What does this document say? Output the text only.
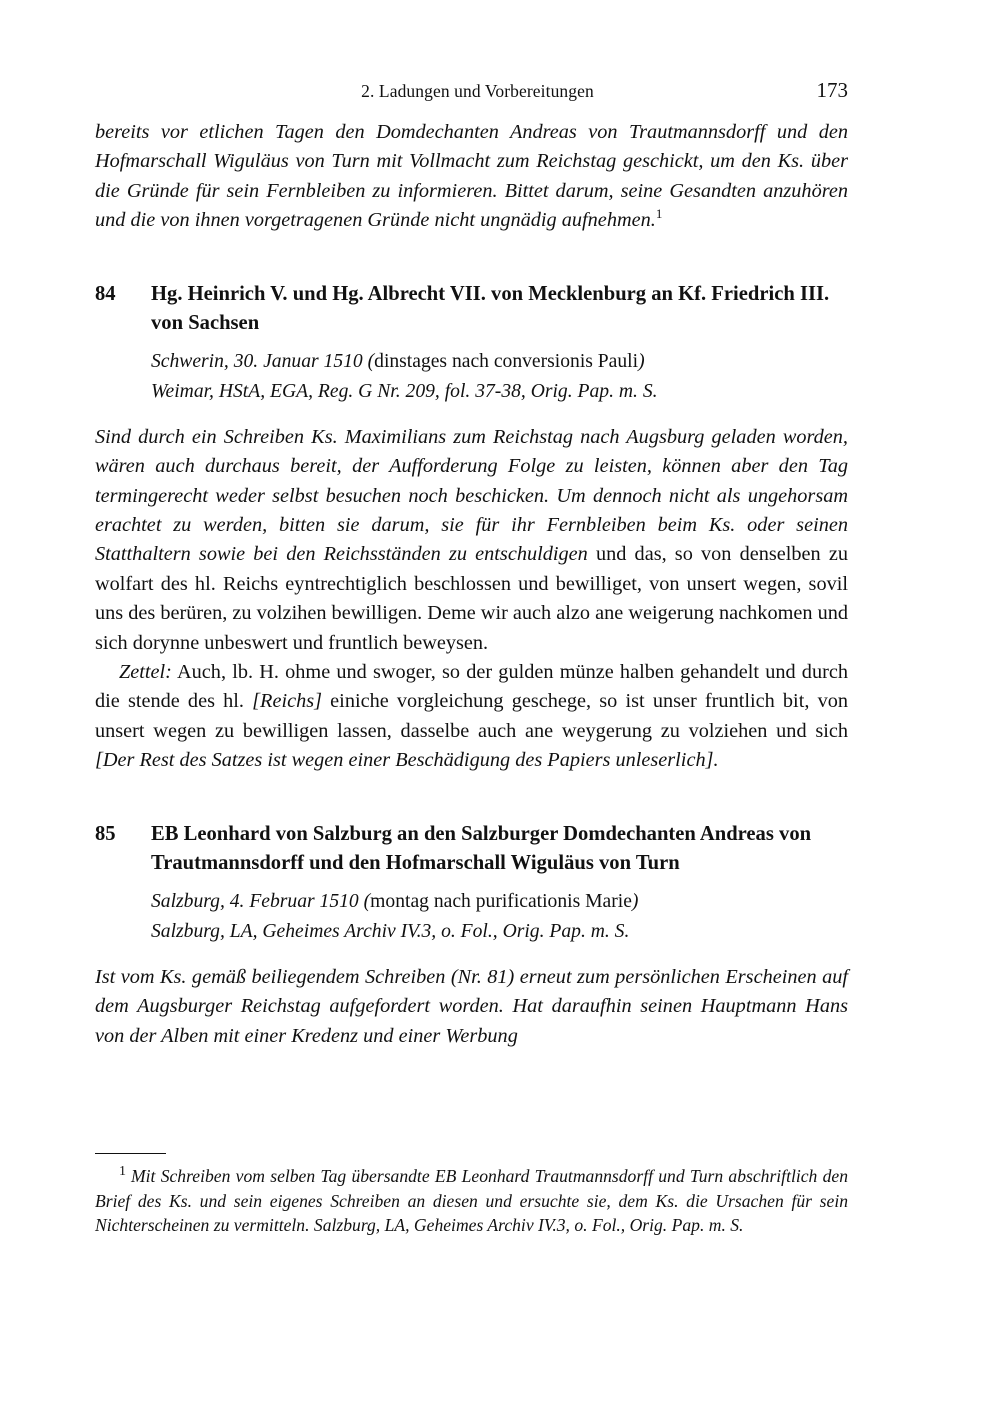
2. Ladungen und Vorbereitungen	173

bereits vor etlichen Tagen den Domdechanten Andreas von Trautmannsdorff und den Hofmarschall Wiguläus von Turn mit Vollmacht zum Reichstag geschickt, um den Ks. über die Gründe für sein Fernbleiben zu informieren. Bittet darum, seine Gesandten anzuhören und die von ihnen vorgetragenen Gründe nicht ungnädig aufnehmen.$^1$

84	Hg. Heinrich V. und Hg. Albrecht VII. von Mecklenburg an Kf. Friedrich III. von Sachsen
Schwerin, 30. Januar 1510 (dinstages nach conversionis Pauli)
Weimar, HStA, EGA, Reg. G Nr. 209, fol. 37-38, Orig. Pap. m. S.

Sind durch ein Schreiben Ks. Maximilians zum Reichstag nach Augsburg geladen worden, wären auch durchaus bereit, der Aufforderung Folge zu leisten, können aber den Tag termingerecht weder selbst besuchen noch beschicken. Um dennoch nicht als ungehorsam erachtet zu werden, bitten sie darum, sie für ihr Fernbleiben beim Ks. oder seinen Statthaltern sowie bei den Reichsständen zu entschuldigen und das, so von denselben zu wolfart des hl. Reichs eyntrechtiglich beschlossen und bewilliget, von unsert wegen, sovil uns des berüren, zu volzihen bewilligen. Deme wir auch alzo ane weigerung nachkomen und sich dorynne unbeswert und fruntlich beweysen.

Zettel: Auch, lb. H. ohme und swoger, so der gulden münze halben gehandelt und durch die stende des hl. [Reichs] einiche vorgleichung geschege, so ist unser fruntlich bit, von unsert wegen zu bewilligen lassen, dasselbe auch ane weygerung zu volziehen und sich [Der Rest des Satzes ist wegen einer Beschädigung des Papiers unleserlich].

85	EB Leonhard von Salzburg an den Salzburger Domdechanten Andreas von Trautmannsdorff und den Hofmarschall Wiguläus von Turn
Salzburg, 4. Februar 1510 (montag nach purificationis Marie)
Salzburg, LA, Geheimes Archiv IV.3, o. Fol., Orig. Pap. m. S.

Ist vom Ks. gemäß beiliegendem Schreiben (Nr. 81) erneut zum persönlichen Erscheinen auf dem Augsburger Reichstag aufgefordert worden. Hat daraufhin seinen Hauptmann Hans von der Alben mit einer Kredenz und einer Werbung

$^1$ Mit Schreiben vom selben Tag übersandte EB Leonhard Trautmannsdorff und Turn abschriftlich den Brief des Ks. und sein eigenes Schreiben an diesen und ersuchte sie, dem Ks. die Ursachen für sein Nichterscheinen zu vermitteln. Salzburg, LA, Geheimes Archiv IV.3, o. Fol., Orig. Pap. m. S.
